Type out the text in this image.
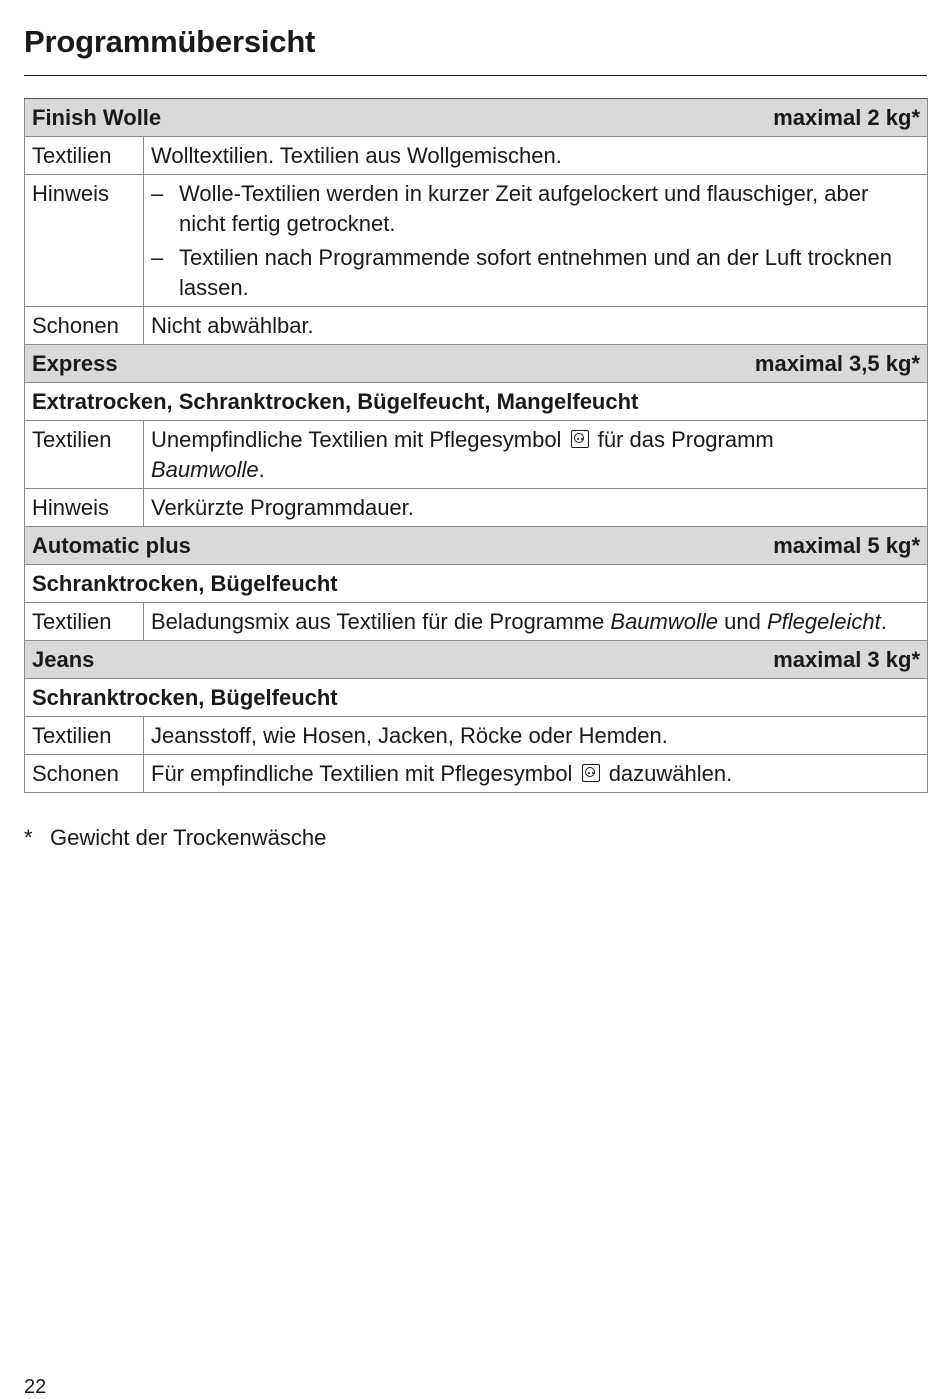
Programmübersicht
Finish Wolle maximal 2 kg*	

Textilien	Wolltextilien. Textilien aus Wollgemischen.
Hinweis	– Wolle-Textilien werden in kurzer Zeit aufgelockert und flauschiger, aber nicht fertig getrocknet.
– Textilien nach Programmende sofort entnehmen und an der Luft trocknen lassen.

Schonen	Nicht abwählbar.

Express maximal 3,5 kg*	

Extratrocken, Schranktrocken, Bügelfeucht, Mangelfeucht	
Textilien	Unempfindliche Textilien mit Pflegesymbol für das Programm
Baumwolle.
Hinweis	Verkürzte Programmdauer.

Automatic plus maximal 5 kg*	

Schranktrocken, Bügelfeucht	
Textilien	Beladungsmix aus Textilien für die Programme Baumwolle und Pflegeleicht.

Jeans maximal 3 kg*	

Schranktrocken, Bügelfeucht	
Textilien	Jeansstoff, wie Hosen, Jacken, Röcke oder Hemden.
Schonen	Für empfindliche Textilien mit Pflegesymbol dazuwählen.
* Gewicht der Trockenwäsche
22
